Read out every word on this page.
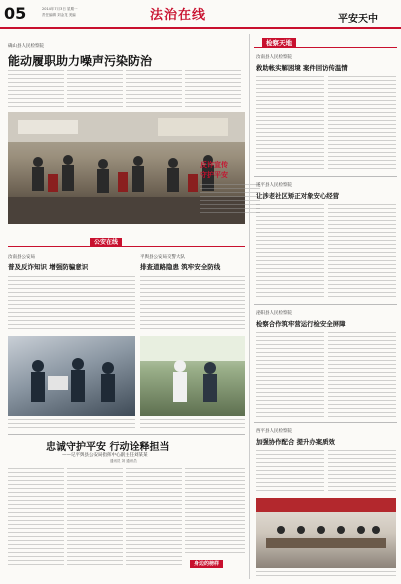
05	2014年7月3日 星期一
责任编辑 刘金龙 美编	法治在线	平安天中
确山县人民检察院
能动履职助力噪声污染防治
反诈宣传
守护平安
公安在线
汝南县公安局
普及反诈知识 增强防骗意识
平舆县公安局交警大队
排查道路隐患 筑牢安全防线
忠诚守护平安 行动诠释担当
——记平舆县公安局指挥中心副主任刘某某
通讯员 刘 通讯员
身边的榜样
检察天地
汝南县人民检察院
救助帐实解困境 案件回访传温情
遂平县人民检察院
让涉老社区矫正对象安心经营
泌阳县人民检察院
检察合作筑牢营运行检安全屏障
西平县人民检察院
加强协作配合 提升办案质效
